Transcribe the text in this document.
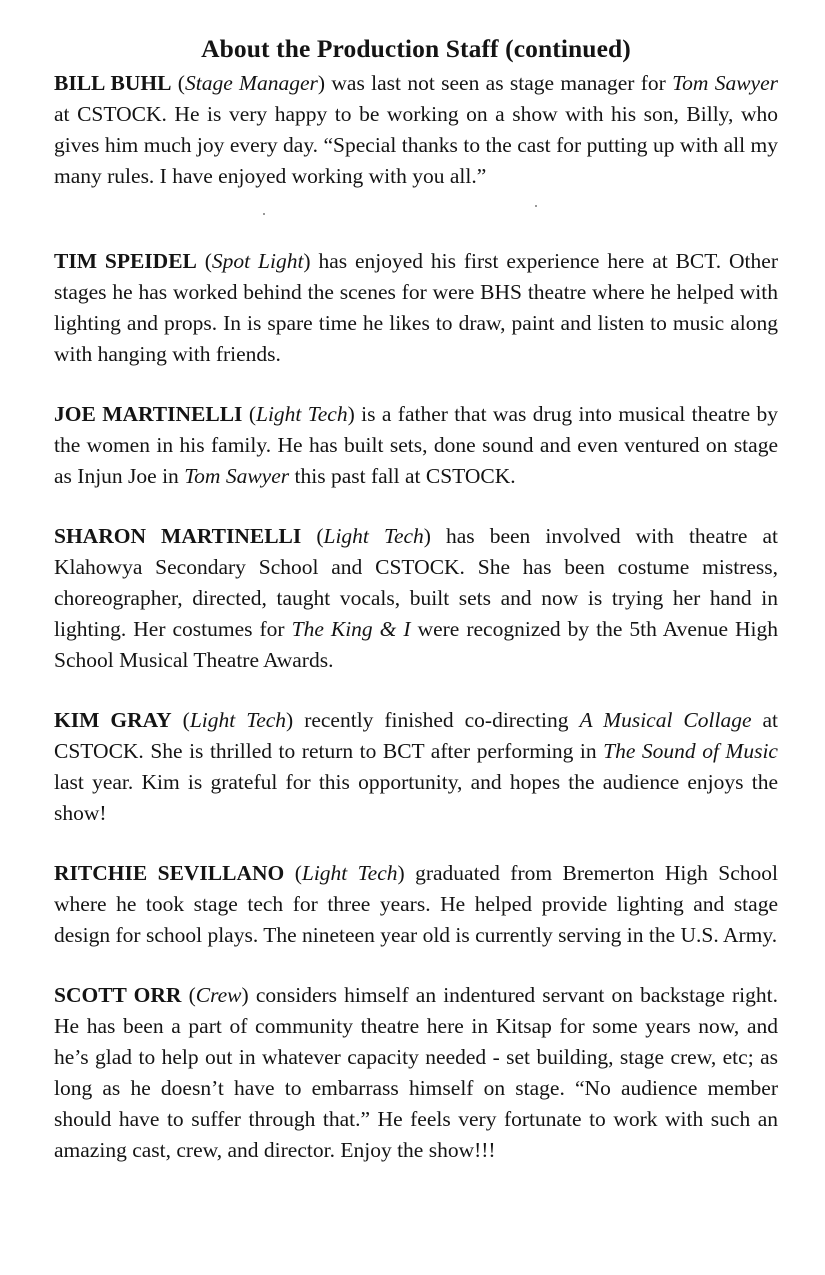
About the Production Staff (continued)

BILL BUHL (Stage Manager) was last not seen as stage manager for Tom Sawyer at CSTOCK. He is very happy to be working on a show with his son, Billy, who gives him much joy every day. “Special thanks to the cast for putting up with all my many rules. I have enjoyed working with you all.”

TIM SPEIDEL (Spot Light) has enjoyed his first experience here at BCT. Other stages he has worked behind the scenes for were BHS theatre where he helped with lighting and props. In is spare time he likes to draw, paint and listen to music along with hanging with friends.

JOE MARTINELLI (Light Tech) is a father that was drug into musical theatre by the women in his family. He has built sets, done sound and even ventured on stage as Injun Joe in Tom Sawyer this past fall at CSTOCK.

SHARON MARTINELLI (Light Tech) has been involved with theatre at Klahowya Secondary School and CSTOCK. She has been costume mistress, choreographer, directed, taught vocals, built sets and now is trying her hand in lighting. Her costumes for The King & I were recognized by the 5th Avenue High School Musical Theatre Awards.

KIM GRAY (Light Tech) recently finished co-directing A Musical Collage at CSTOCK. She is thrilled to return to BCT after performing in The Sound of Music last year. Kim is grateful for this opportunity, and hopes the audience enjoys the show!

RITCHIE SEVILLANO (Light Tech) graduated from Bremerton High School where he took stage tech for three years. He helped provide lighting and stage design for school plays. The nineteen year old is currently serving in the U.S. Army.

SCOTT ORR (Crew) considers himself an indentured servant on backstage right. He has been a part of community theatre here in Kitsap for some years now, and he’s glad to help out in whatever capacity needed - set building, stage crew, etc; as long as he doesn’t have to embarrass himself on stage. “No audience member should have to suffer through that.” He feels very fortunate to work with such an amazing cast, crew, and director. Enjoy the show!!!
